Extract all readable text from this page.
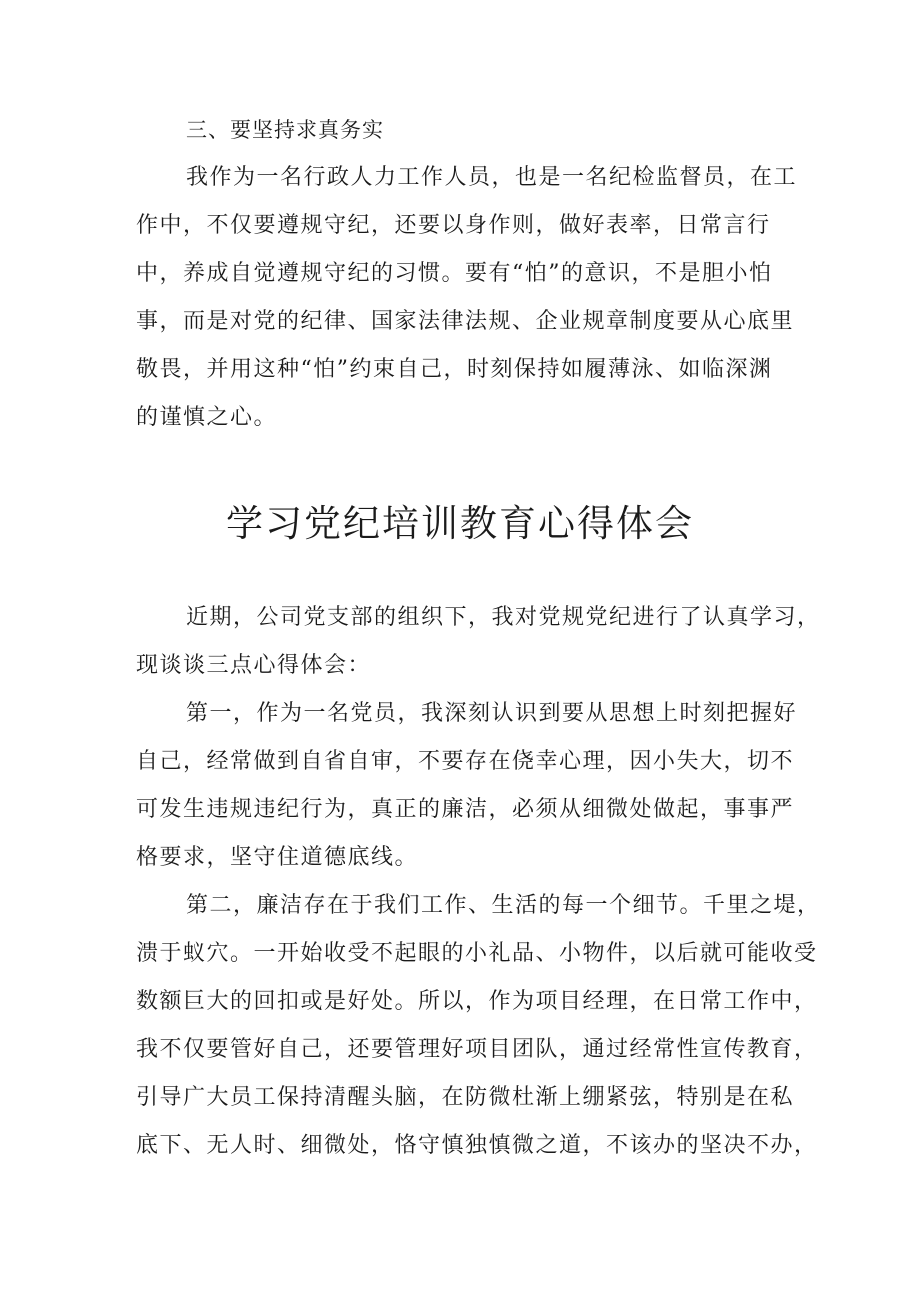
三、要坚持求真务实
我作为一名行政人力工作人员，也是一名纪检监督员，在工
作中，不仅要遵规守纪，还要以身作则，做好表率，日常言行
中，养成自觉遵规守纪的习惯。要有“怕”的意识，不是胆小怕
事，而是对党的纪律、国家法律法规、企业规章制度要从心底里
敬畏，并用这种“怕”约束自己，时刻保持如履薄泳、如临深渊
的谨慎之心。
学习党纪培训教育心得体会
近期，公司党支部的组织下，我对党规党纪进行了认真学习，
现谈谈三点心得体会：
第一，作为一名党员，我深刻认识到要从思想上时刻把握好
自己，经常做到自省自审，不要存在侥幸心理，因小失大，切不
可发生违规违纪行为，真正的廉洁，必须从细微处做起，事事严
格要求，坚守住道德底线。
第二，廉洁存在于我们工作、生活的每一个细节。千里之堤，
溃于蚁穴。一开始收受不起眼的小礼品、小物件，以后就可能收受
数额巨大的回扣或是好处。所以，作为项目经理，在日常工作中，
我不仅要管好自己，还要管理好项目团队，通过经常性宣传教育，
引导广大员工保持清醒头脑，在防微杜渐上绷紧弦，特别是在私
底下、无人时、细微处，恪守慎独慎微之道，不该办的坚决不办，
